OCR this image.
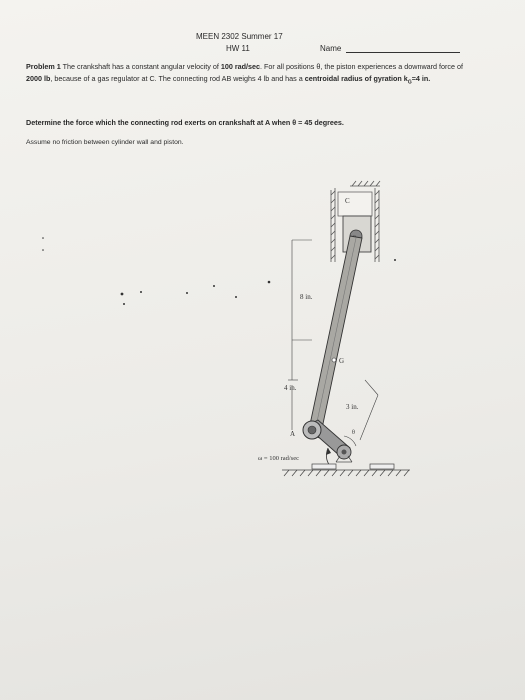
MEEN 2302 Summer 17
HW 11	Name
Problem 1 The crankshaft has a constant angular velocity of 100 rad/sec. For all positions θ, the piston experiences a downward force of 2000 lb, because of a gas regulator at C. The connecting rod AB weighs 4 lb and has a centroidal radius of gyration $k_G=4$ in.
Determine the force which the connecting rod exerts on crankshaft at A when θ = 45 degrees.
Assume no friction between cylinder wall and piston.
C
G
8 in.
4 in.
3 in.
A	θ
ω = 100 rad/sec
